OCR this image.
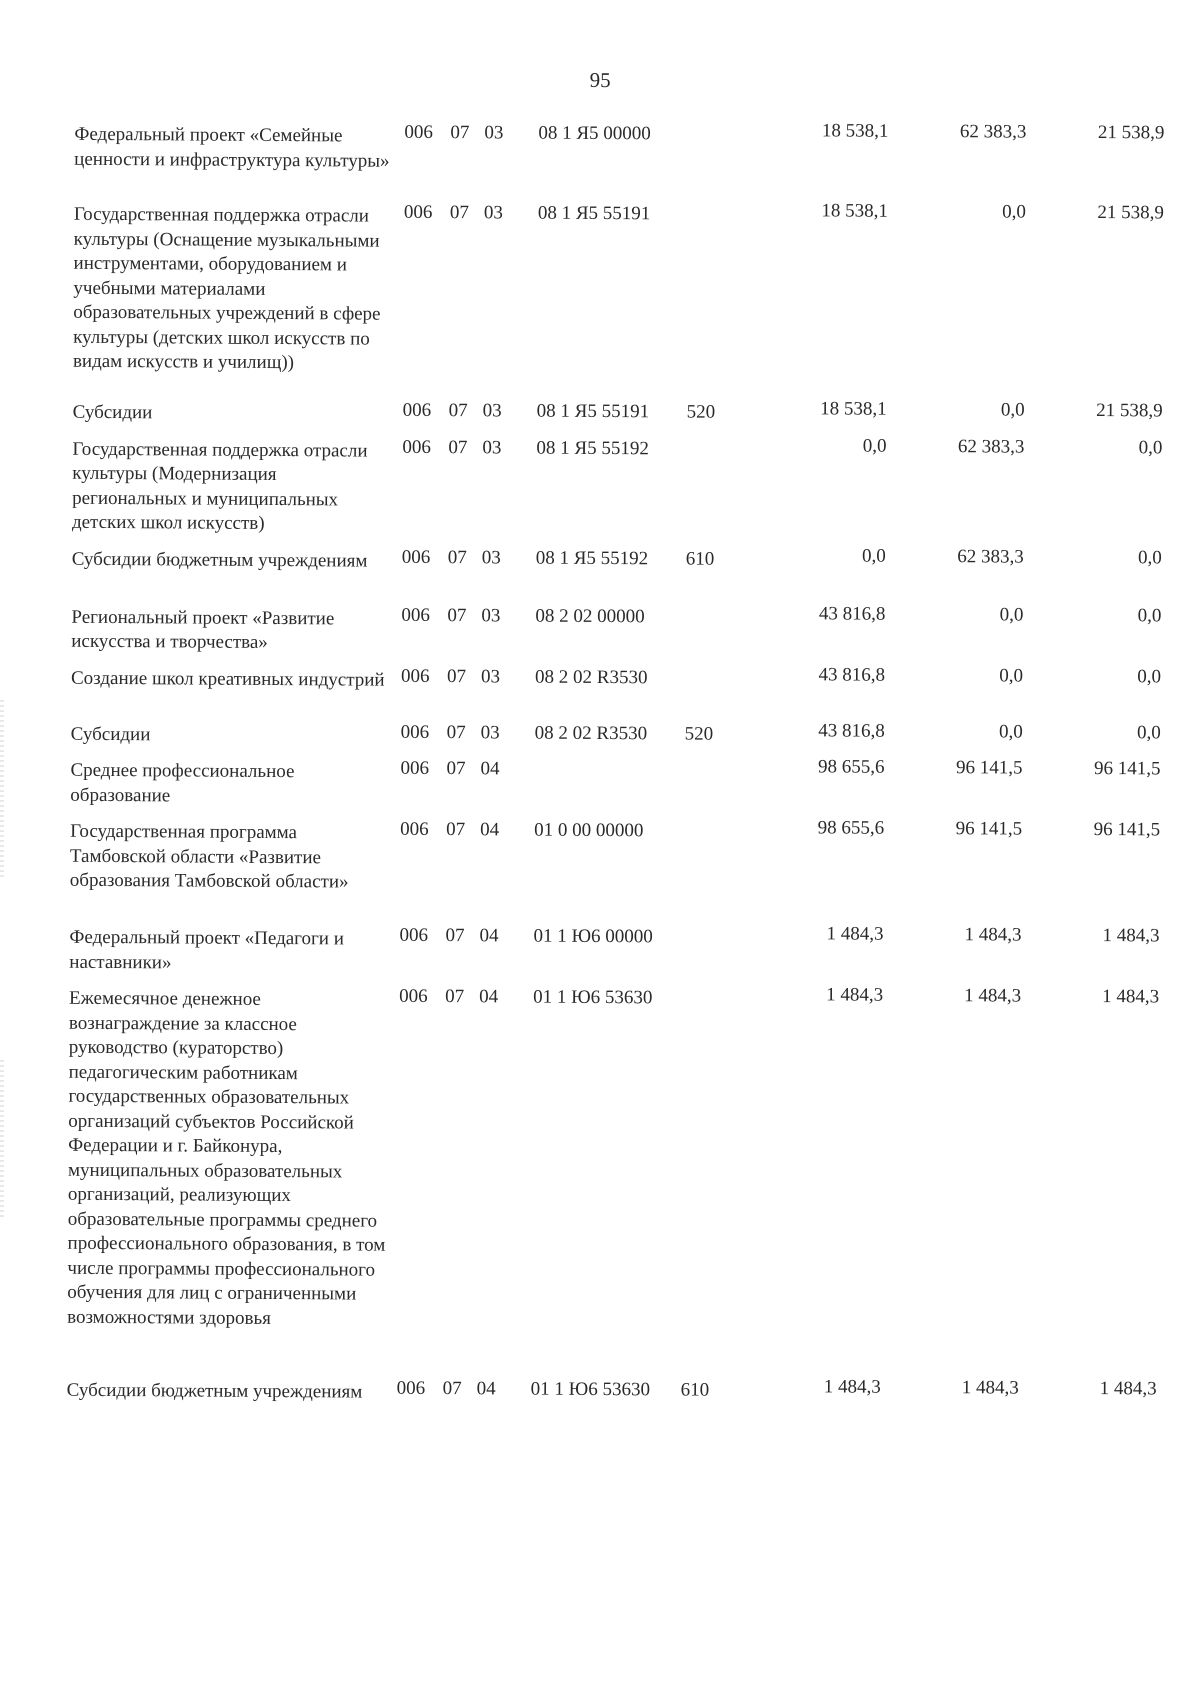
95
Федеральный проект «Семейные ценности и инфраструктура культуры»	006	07	03	08 1 Я5 00000		18 538,1	62 383,3	21 538,9
Государственная поддержка отрасли культуры (Оснащение музыкальными инструментами, оборудованием и учебными материалами образовательных учреждений в сфере культуры (детских школ искусств по видам искусств и училищ))	006	07	03	08 1 Я5 55191		18 538,1	0,0	21 538,9
Субсидии	006	07	03	08 1 Я5 55191	520	18 538,1	0,0	21 538,9
Государственная поддержка отрасли культуры (Модернизация региональных и муниципальных детских школ искусств)	006	07	03	08 1 Я5 55192		0,0	62 383,3	0,0
Субсидии бюджетным учреждениям	006	07	03	08 1 Я5 55192	610	0,0	62 383,3	0,0
Региональный проект «Развитие искусства и творчества»	006	07	03	08 2 02 00000		43 816,8	0,0	0,0
Создание школ креативных индустрий	006	07	03	08 2 02 R3530		43 816,8	0,0	0,0
Субсидии	006	07	03	08 2 02 R3530	520	43 816,8	0,0	0,0
Среднее профессиональное образование	006	07	04			98 655,6	96 141,5	96 141,5
Государственная программа Тамбовской области «Развитие образования Тамбовской области»	006	07	04	01 0 00 00000		98 655,6	96 141,5	96 141,5
Федеральный проект «Педагоги и наставники»	006	07	04	01 1 Ю6 00000		1 484,3	1 484,3	1 484,3
Ежемесячное денежное вознаграждение за классное руководство (кураторство) педагогическим работникам государственных образовательных организаций субъектов Российской Федерации и г. Байконура, муниципальных образовательных организаций, реализующих образовательные программы среднего профессионального образования, в том числе программы профессионального обучения для лиц с ограниченными возможностями здоровья	006	07	04	01 1 Ю6 53630		1 484,3	1 484,3	1 484,3
Субсидии бюджетным учреждениям	006	07	04	01 1 Ю6 53630	610	1 484,3	1 484,3	1 484,3
